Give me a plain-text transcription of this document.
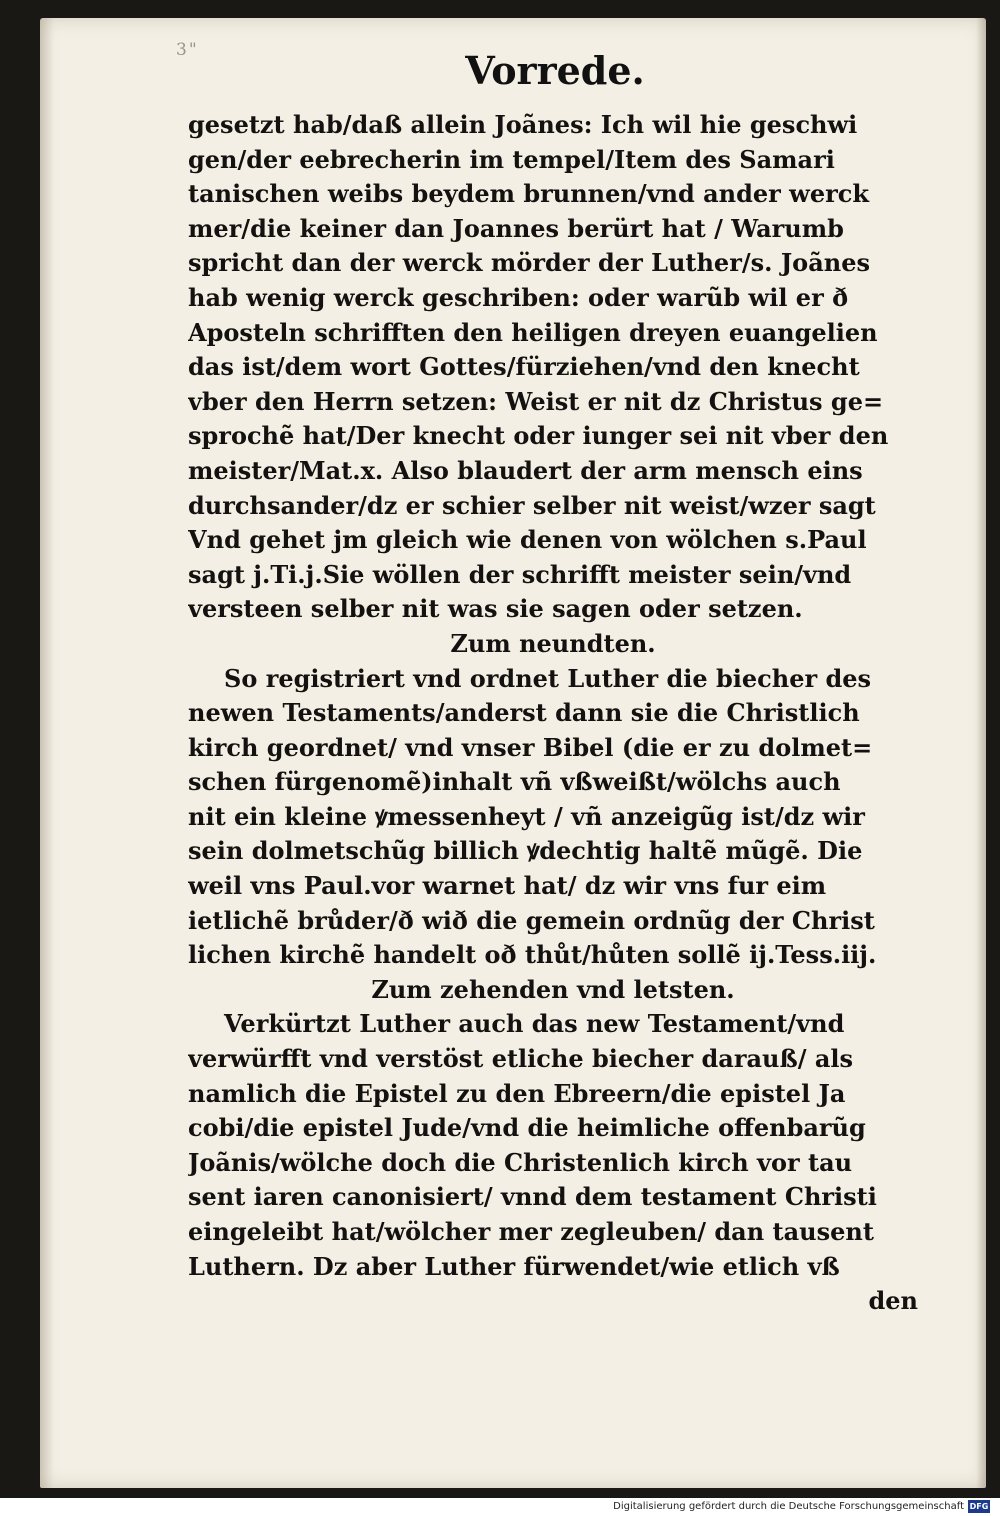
3"	Vorrede.
gesetzt hab/daß allein Joãnes: Ich wil hie geschwi
gen/der eebrecherin im tempel/Item des Samari
tanischen weibs beydem brunnen/vnd ander werck
mer/die keiner dan Joannes berürt hat / Warumb
spricht dan der werck mörder der Luther/s. Joãnes
hab wenig werck geschriben: oder warũb wil er ð
Aposteln schrifften den heiligen dreyen euangelien
das ist/dem wort Gottes/fürziehen/vnd den knecht
vber den Herrn setzen: Weist er nit dz Christus ge=
sprochẽ hat/Der knecht oder iunger sei nit vber den
meister/Mat.x. Also blaudert der arm mensch eins
durchsander/dz er schier selber nit weist/wzer sagt
Vnd gehet jm gleich wie denen von wölchen s.Paul
sagt j.Ti.j.Sie wöllen der schrifft meister sein/vnd
versteen selber nit was sie sagen oder setzen.
Zum neundten.
So registriert vnd ordnet Luther die biecher des
newen Testaments/anderst dann sie die Christlich
kirch geordnet/ vnd vnser Bibel (die er zu dolmet=
schen fürgenomẽ)inhalt vñ vßweißt/wölchs auch
nit ein kleine ꝟmessenheyt / vñ anzeigũg ist/dz wir
sein dolmetschũg billich ꝟdechtig haltẽ mũgẽ. Die
weil vns Paul.vor warnet hat/ dz wir vns fur eim
ietlichẽ brůder/ð wið die gemein ordnũg der Christ
lichen kirchẽ handelt oð thůt/hůten sollẽ ij.Tess.iij.
Zum zehenden vnd letsten.
Verkürtzt Luther auch das new Testament/vnd
verwürfft vnd verstöst etliche biecher darauß/ als
namlich die Epistel zu den Ebreern/die epistel Ja
cobi/die epistel Jude/vnd die heimliche offenbarũg
Joãnis/wölche doch die Christenlich kirch vor tau
sent iaren canonisiert/ vnnd dem testament Christi
eingeleibt hat/wölcher mer zegleuben/ dan tausent
Luthern. Dz aber Luther fürwendet/wie etlich vß
den
Digitalisierung gefördert durch die Deutsche Forschungsgemeinschaft DFG
